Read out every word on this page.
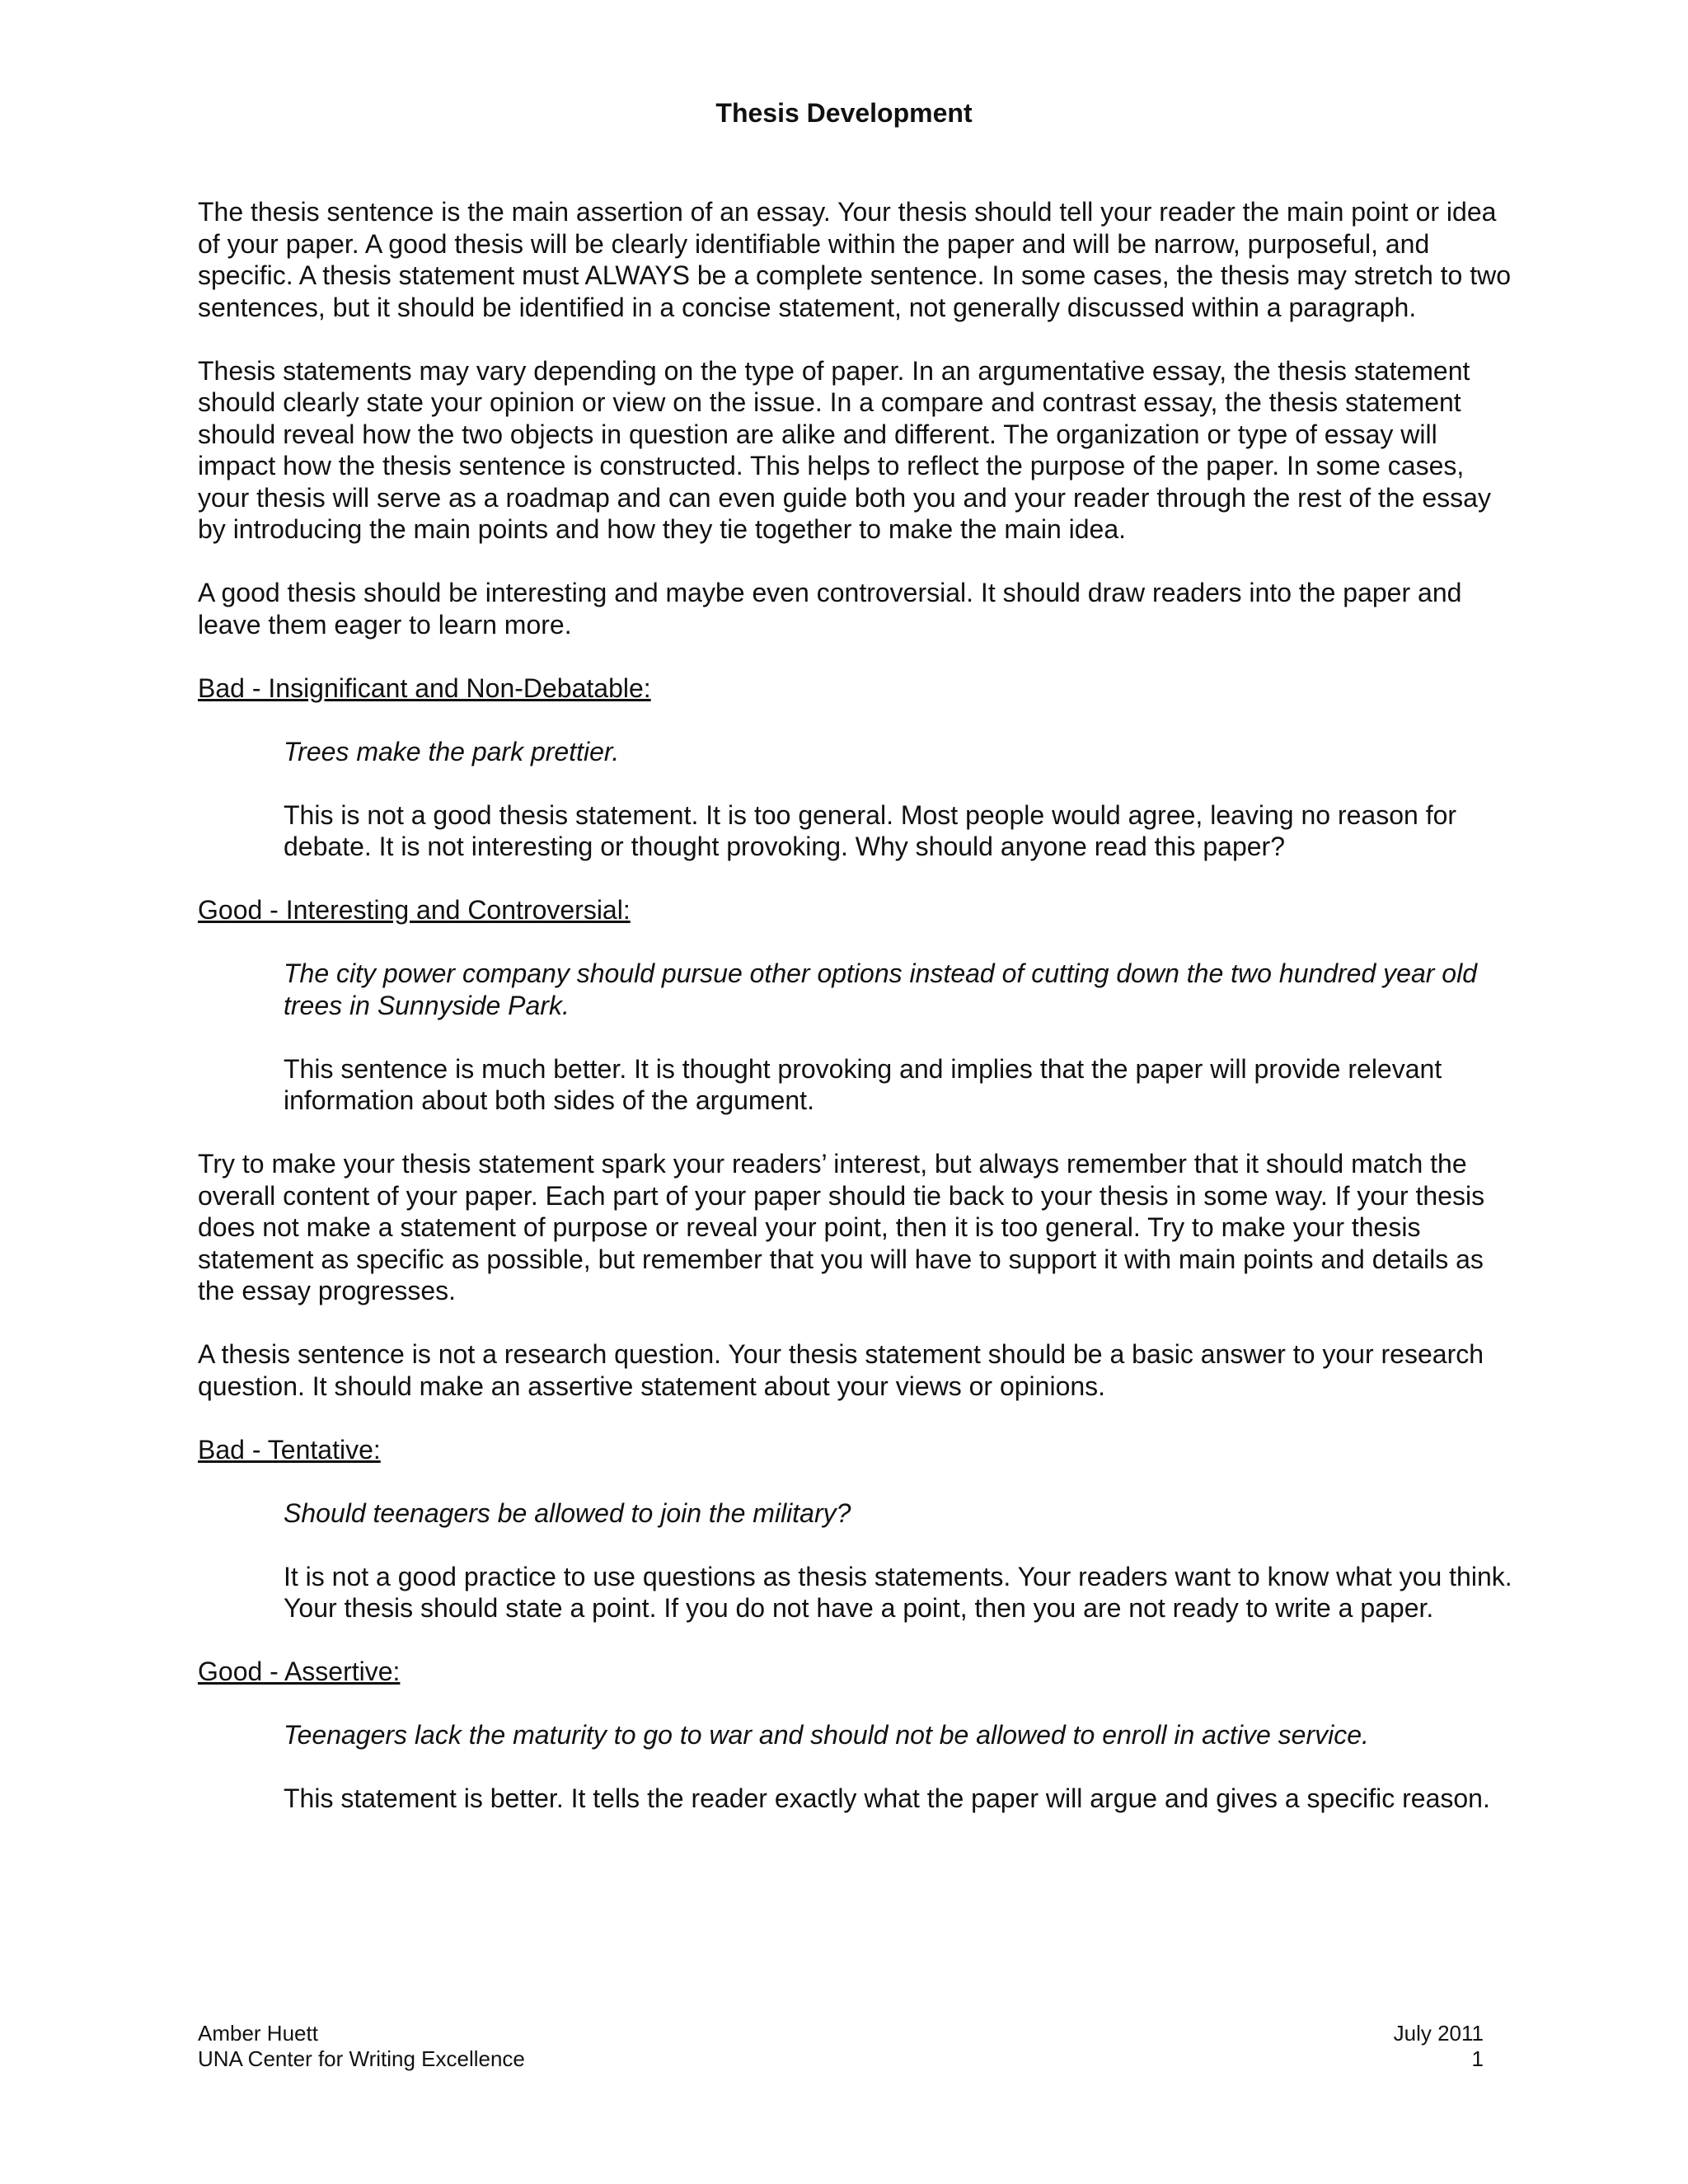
Thesis Development

The thesis sentence is the main assertion of an essay. Your thesis should tell your reader the main point or idea of your paper. A good thesis will be clearly identifiable within the paper and will be narrow, purposeful, and specific. A thesis statement must ALWAYS be a complete sentence. In some cases, the thesis may stretch to two sentences, but it should be identified in a concise statement, not generally discussed within a paragraph.

Thesis statements may vary depending on the type of paper. In an argumentative essay, the thesis statement should clearly state your opinion or view on the issue. In a compare and contrast essay, the thesis statement should reveal how the two objects in question are alike and different. The organization or type of essay will impact how the thesis sentence is constructed. This helps to reflect the purpose of the paper. In some cases, your thesis will serve as a roadmap and can even guide both you and your reader through the rest of the essay by introducing the main points and how they tie together to make the main idea.

A good thesis should be interesting and maybe even controversial. It should draw readers into the paper and leave them eager to learn more.

Bad - Insignificant and Non-Debatable:

Trees make the park prettier.

This is not a good thesis statement. It is too general. Most people would agree, leaving no reason for debate. It is not interesting or thought provoking. Why should anyone read this paper?

Good - Interesting and Controversial:

The city power company should pursue other options instead of cutting down the two hundred year old trees in Sunnyside Park.

This sentence is much better. It is thought provoking and implies that the paper will provide relevant information about both sides of the argument.

Try to make your thesis statement spark your readers’ interest, but always remember that it should match the overall content of your paper. Each part of your paper should tie back to your thesis in some way. If your thesis does not make a statement of purpose or reveal your point, then it is too general. Try to make your thesis statement as specific as possible, but remember that you will have to support it with main points and details as the essay progresses.

A thesis sentence is not a research question. Your thesis statement should be a basic answer to your research question. It should make an assertive statement about your views or opinions.

Bad - Tentative:

Should teenagers be allowed to join the military?

It is not a good practice to use questions as thesis statements. Your readers want to know what you think. Your thesis should state a point. If you do not have a point, then you are not ready to write a paper.

Good - Assertive:

Teenagers lack the maturity to go to war and should not be allowed to enroll in active service.

This statement is better. It tells the reader exactly what the paper will argue and gives a specific reason.

Amber Huett
UNA Center for Writing Excellence
July 2011
1
